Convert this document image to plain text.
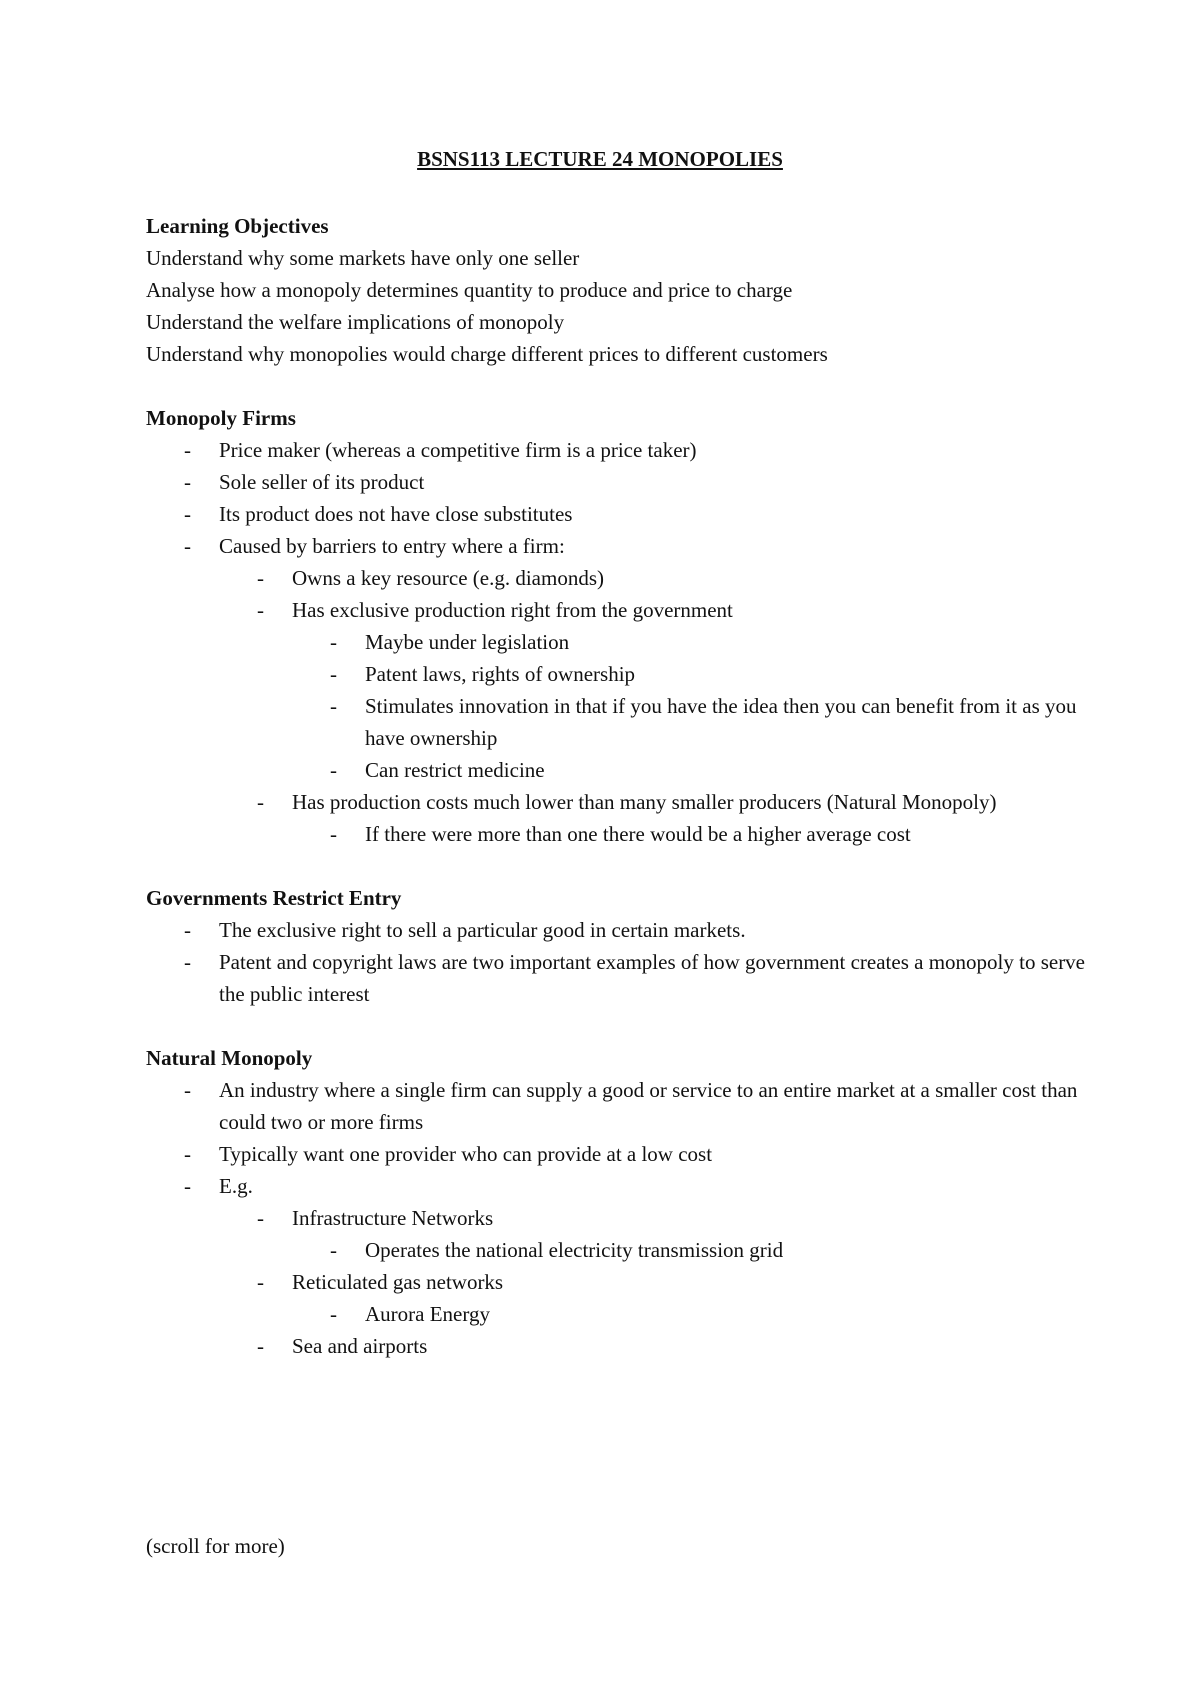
BSNS113 LECTURE 24 MONOPOLIES

Learning Objectives

Understand why some markets have only one seller

Analyse how a monopoly determines quantity to produce and price to charge

Understand the welfare implications of monopoly

Understand why monopolies would charge different prices to different customers

Monopoly Firms

- Price maker (whereas a competitive firm is a price taker)
- Sole seller of its product
- Its product does not have close substitutes
- Caused by barriers to entry where a firm:
- Owns a key resource (e.g. diamonds)
- Has exclusive production right from the government
- Maybe under legislation
- Patent laws, rights of ownership
- Stimulates innovation in that if you have the idea then you can benefit from it as you have ownership
- Can restrict medicine
- Has production costs much lower than many smaller producers (Natural Monopoly)
- If there were more than one there would be a higher average cost

Governments Restrict Entry

- The exclusive right to sell a particular good in certain markets.
- Patent and copyright laws are two important examples of how government creates a monopoly to serve the public interest

Natural Monopoly

- An industry where a single firm can supply a good or service to an entire market at a smaller cost than could two or more firms
- Typically want one provider who can provide at a low cost
- E.g.
- Infrastructure Networks
- Operates the national electricity transmission grid
- Reticulated gas networks
- Aurora Energy
- Sea and airports
(scroll for more)
